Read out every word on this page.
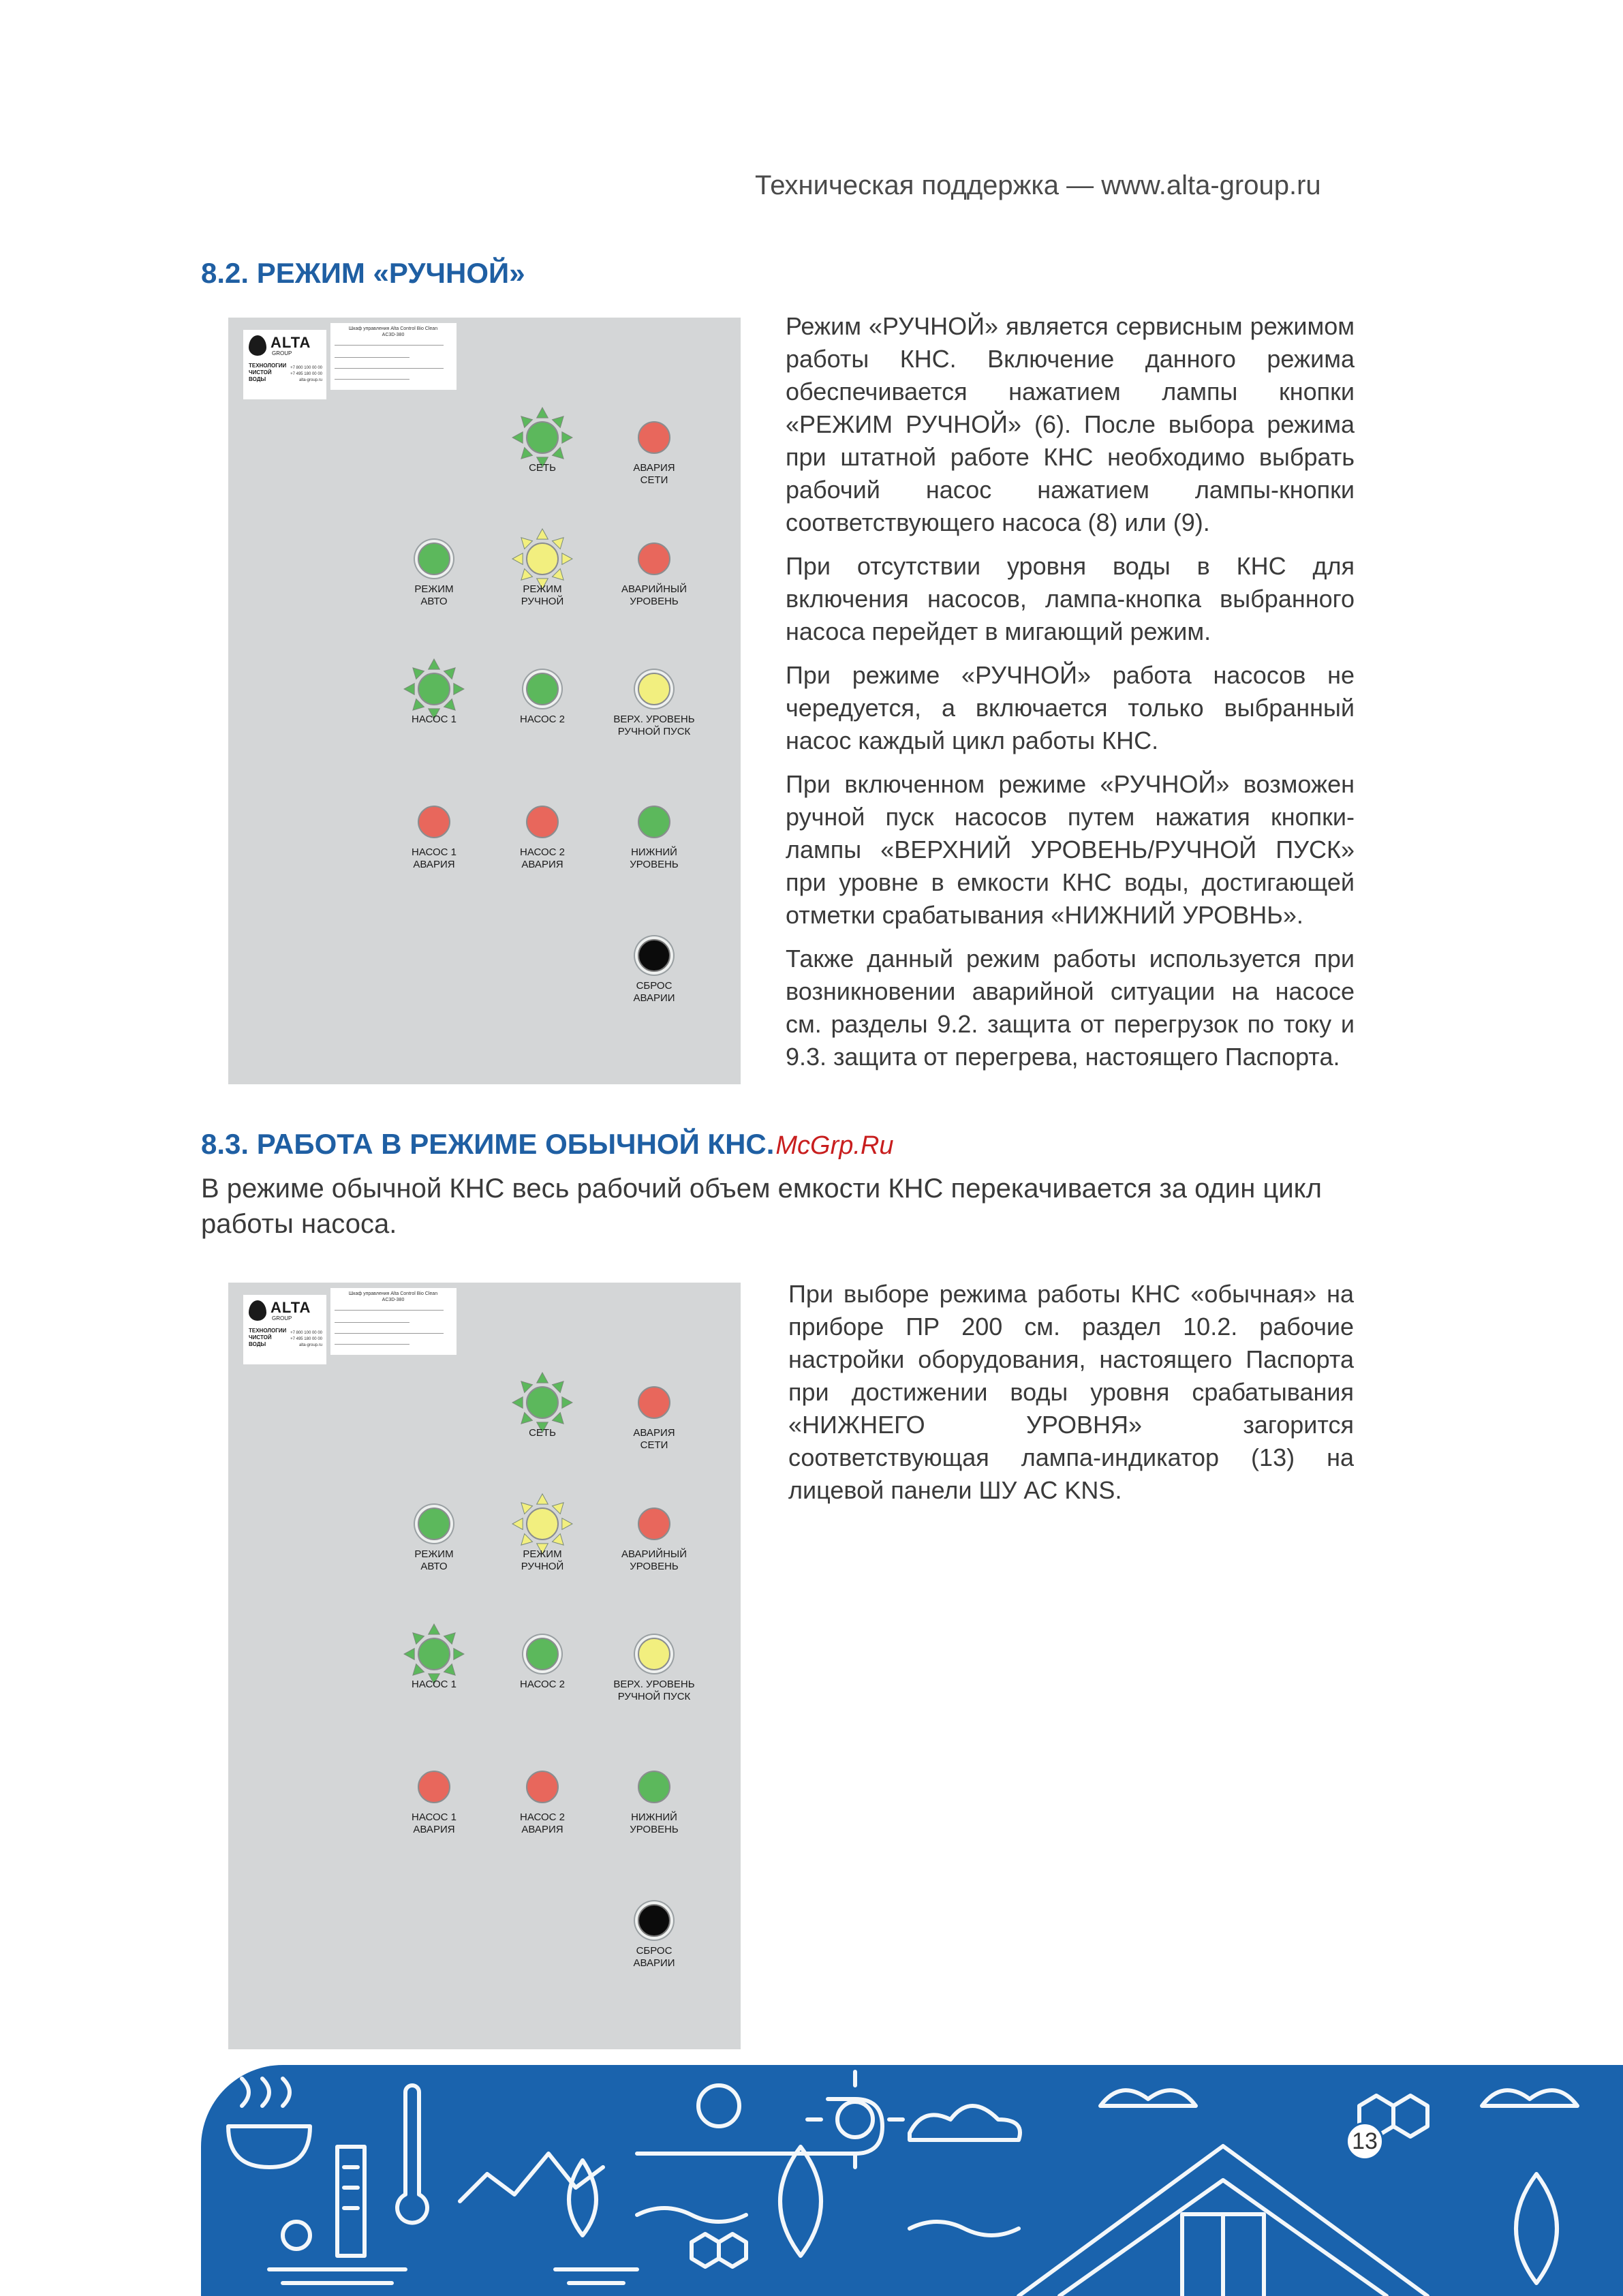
Техническая поддержка — www.alta-group.ru
8.2. РЕЖИМ «РУЧНОЙ»
ALTA
GROUP
ТЕХНОЛОГИИ
ЧИСТОЙ
ВОДЫ
+7 800 100 00 00
+7 495 180 00 00
alta-group.ru
Шкаф управления Alta Control Bio Clean
AC3D-380
СЕТЬ	АВАРИЯ
СЕТИ
РЕЖИМ
АВТО
РЕЖИМ
РУЧНОЙ
АВАРИЙНЫЙ
УРОВЕНЬ
НАСОС 1	НАСОС 2	ВЕРХ. УРОВЕНЬ
РУЧНОЙ ПУСК
НАСОС 1
АВАРИЯ
НАСОС 2
АВАРИЯ
НИЖНИЙ
УРОВЕНЬ
СБРОС
АВАРИИ

Режим «РУЧНОЙ» является сервисным режимом работы КНС. Включение данного режима обеспечивается нажатием лампы кнопки «РЕЖИМ РУЧНОЙ» (6). После выбора режима при штатной работе КНС необходимо выбрать рабочий насос нажатием лампы-кнопки соответствующего насоса (8) или (9).

При отсутствии уровня воды в КНС для включения насосов, лампа-кнопка выбранного насоса перейдет в мигающий режим.

При режиме «РУЧНОЙ» работа насосов не чередуется, а включается только выбранный насос каждый цикл работы КНС.

При включенном режиме «РУЧНОЙ» возможен ручной пуск насосов путем нажатия кнопки-лампы «ВЕРХНИЙ УРОВЕНЬ/РУЧНОЙ ПУСК» при уровне в емкости КНС воды, достигающей отметки срабатывания «НИЖНИЙ УРОВНЬ».

Также данный режим работы используется при возникновении аварийной ситуации на насосе см. разделы 9.2. защита от перегрузок по току и 9.3. защита от перегрева, настоящего Паспорта.

8.3. РАБОТА В РЕЖИМЕ ОБЫЧНОЙ КНС.McGrp.Ru
В режиме обычной КНС весь рабочий объем емкости КНС перекачивается за один цикл работы насоса.
ALTA
GROUP
ТЕХНОЛОГИИ
ЧИСТОЙ
ВОДЫ
+7 800 100 00 00
+7 495 180 00 00
alta-group.ru
Шкаф управления Alta Control Bio Clean
AC3D-380
СЕТЬ	АВАРИЯ
СЕТИ
РЕЖИМ
АВТО
РЕЖИМ
РУЧНОЙ
АВАРИЙНЫЙ
УРОВЕНЬ
НАСОС 1	НАСОС 2	ВЕРХ. УРОВЕНЬ
РУЧНОЙ ПУСК
НАСОС 1
АВАРИЯ
НАСОС 2
АВАРИЯ
НИЖНИЙ
УРОВЕНЬ
СБРОС
АВАРИИ
При выборе режима работы КНС «обычная» на приборе ПР 200 см. раздел 10.2. рабочие настройки оборудования, настоящего Паспорта при достижении воды уровня срабатывания «НИЖНЕГО УРОВНЯ» загорится соответствующая лампа-индикатор (13) на лицевой панели ШУ AC KNS.
13
